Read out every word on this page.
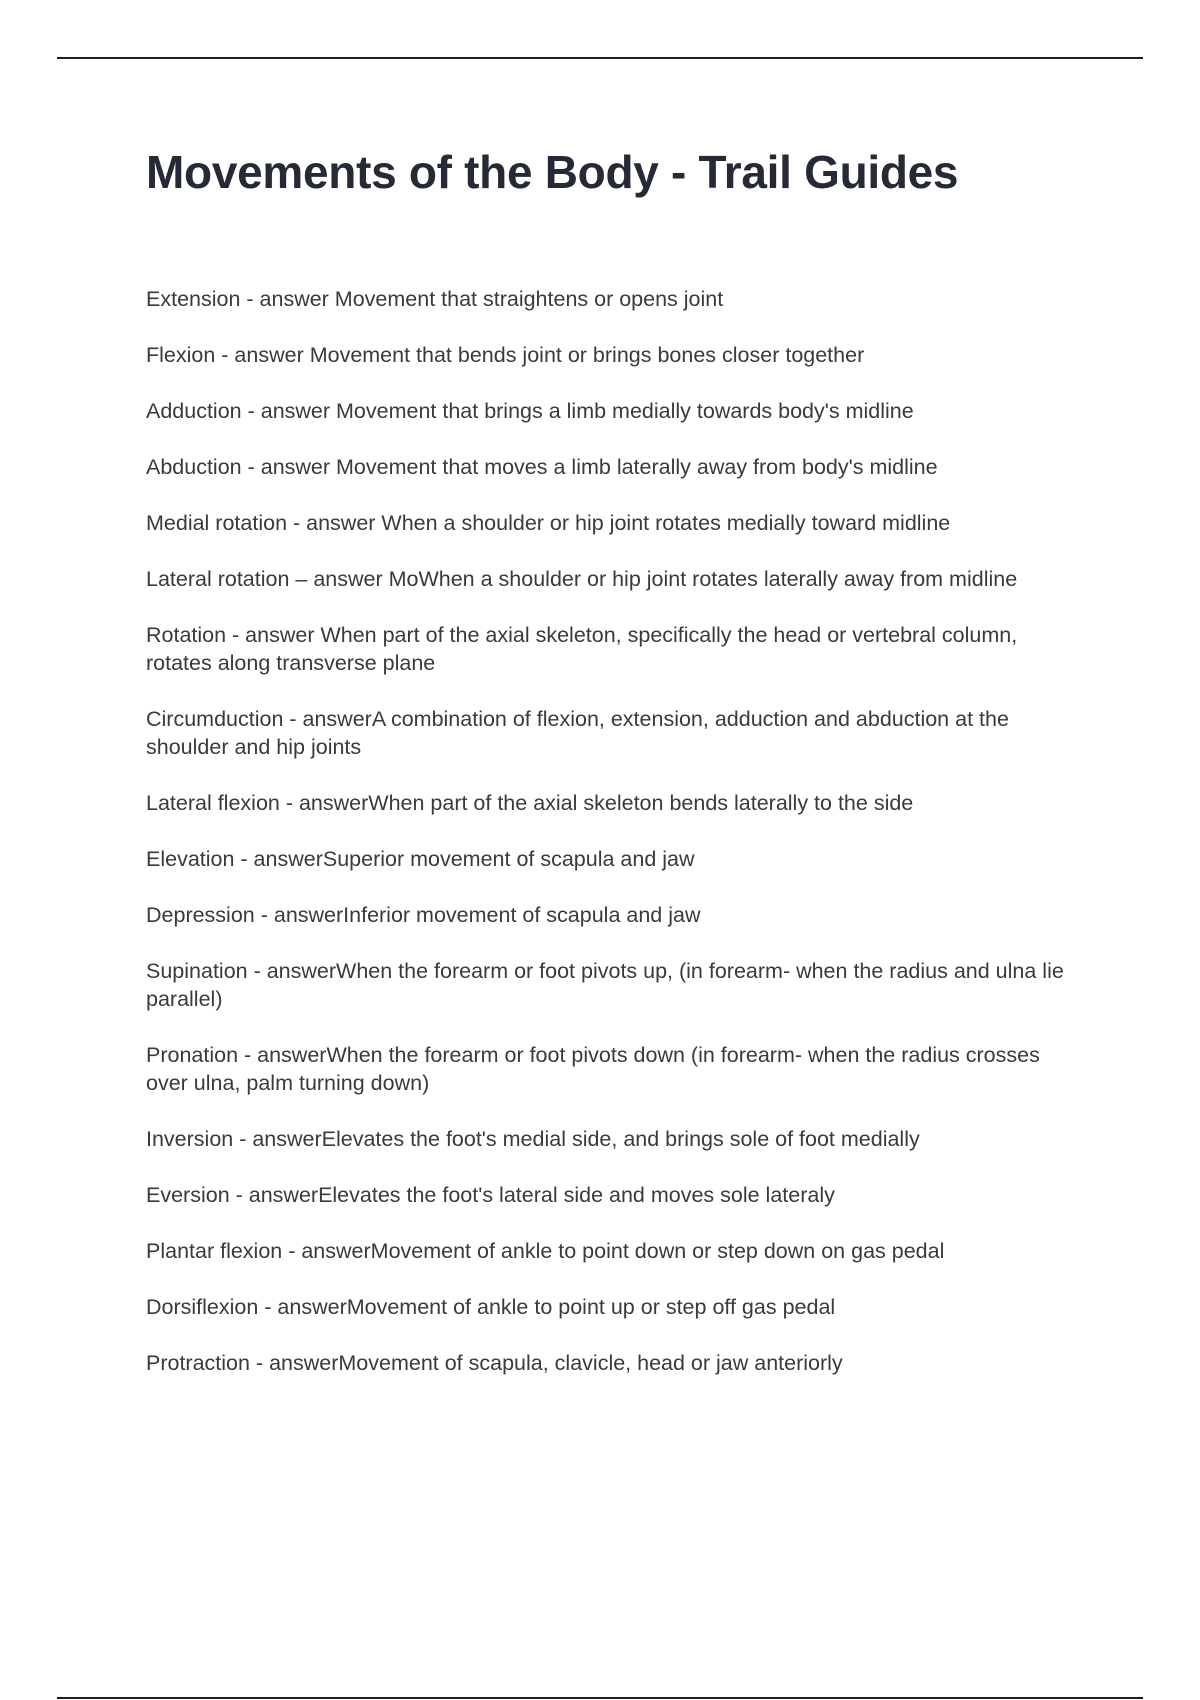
Movements of the Body - Trail Guides

Extension - answer Movement that straightens or opens joint

Flexion - answer Movement that bends joint or brings bones closer together

Adduction - answer Movement that brings a limb medially towards body's midline

Abduction - answer Movement that moves a limb laterally away from body's midline

Medial rotation - answer When a shoulder or hip joint rotates medially toward midline

Lateral rotation – answer MoWhen a shoulder or hip joint rotates laterally away from midline

Rotation - answer When part of the axial skeleton, specifically the head or vertebral column, rotates along transverse plane

Circumduction - answerA combination of flexion, extension, adduction and abduction at the shoulder and hip joints

Lateral flexion - answerWhen part of the axial skeleton bends laterally to the side

Elevation - answerSuperior movement of scapula and jaw

Depression - answerInferior movement of scapula and jaw

Supination - answerWhen the forearm or foot pivots up, (in forearm- when the radius and ulna lie parallel)

Pronation - answerWhen the forearm or foot pivots down (in forearm- when the radius crosses over ulna, palm turning down)

Inversion - answerElevates the foot's medial side, and brings sole of foot medially

Eversion - answerElevates the foot's lateral side and moves sole lateraly

Plantar flexion - answerMovement of ankle to point down or step down on gas pedal

Dorsiflexion - answerMovement of ankle to point up or step off gas pedal

Protraction - answerMovement of scapula, clavicle, head or jaw anteriorly
